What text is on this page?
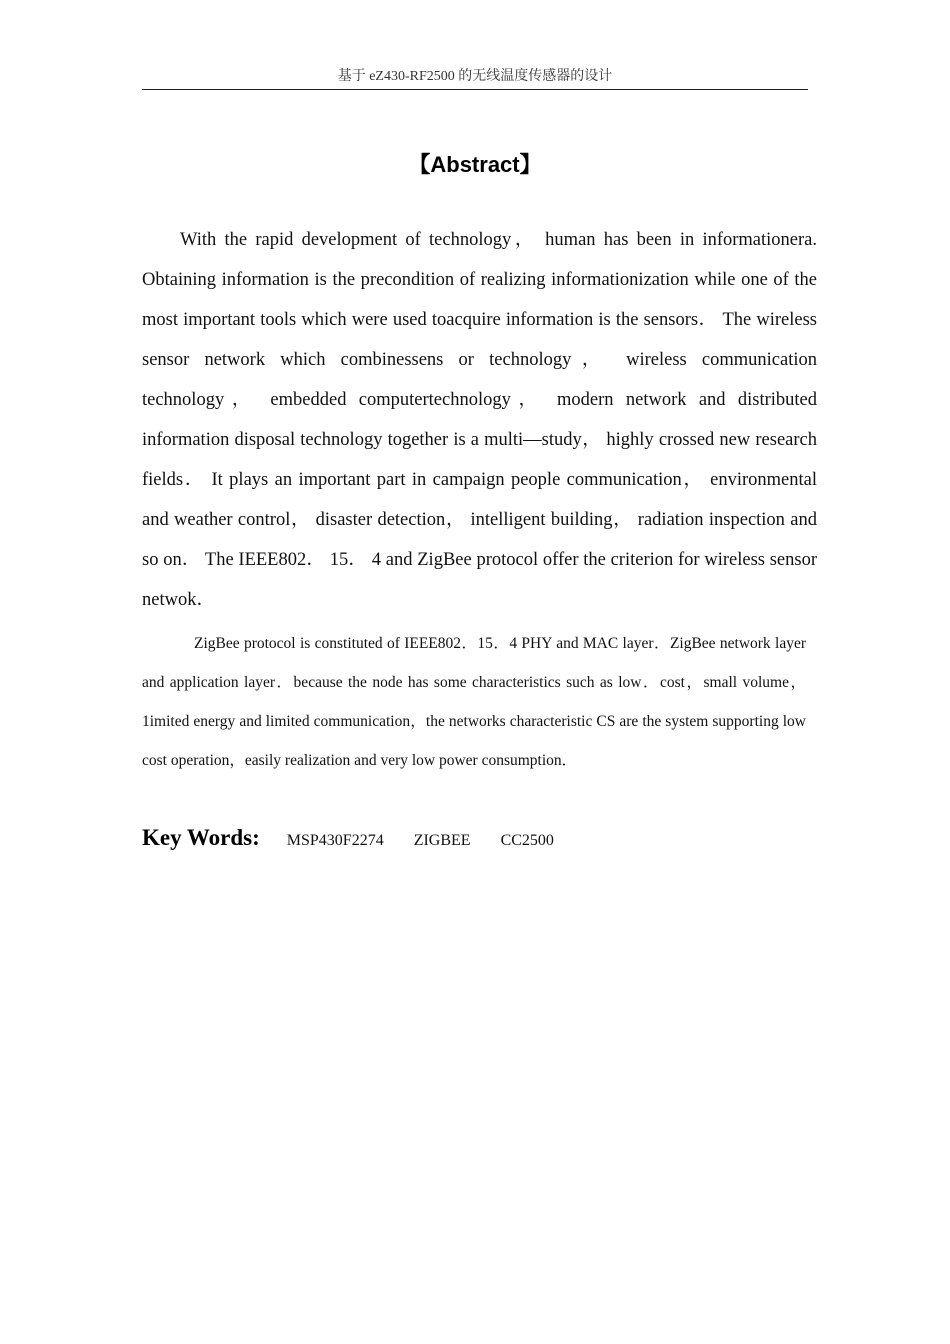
基于 eZ430-RF2500 的无线温度传感器的设计
【Abstract】

With the rapid development of technology， human has been in informationera. Obtaining information is the precondition of realizing informationization while one of the most important tools which were used toacquire information is the sensors． The wireless sensor network which combinessens or technology， wireless communication technology， embedded computertechnology， modern network and distributed information disposal technology together is a multi—study， highly crossed new research fields． It plays an important part in campaign people communication， environmental and weather control， disaster detection， intelligent building， radiation inspection and so on． The IEEE802． 15． 4 and ZigBee protocol offer the criterion for wireless sensor netwok．

ZigBee protocol is constituted of IEEE802．15．4 PHY and MAC layer．ZigBee network layer and application layer．because the node has some characteristics such as low．cost，small volume，1imited energy and limited communication，the networks characteristic CS are the system supporting low cost operation，easily realization and very low power consumption．

Key Words: MSP430F2274 ZIGBEE CC2500
